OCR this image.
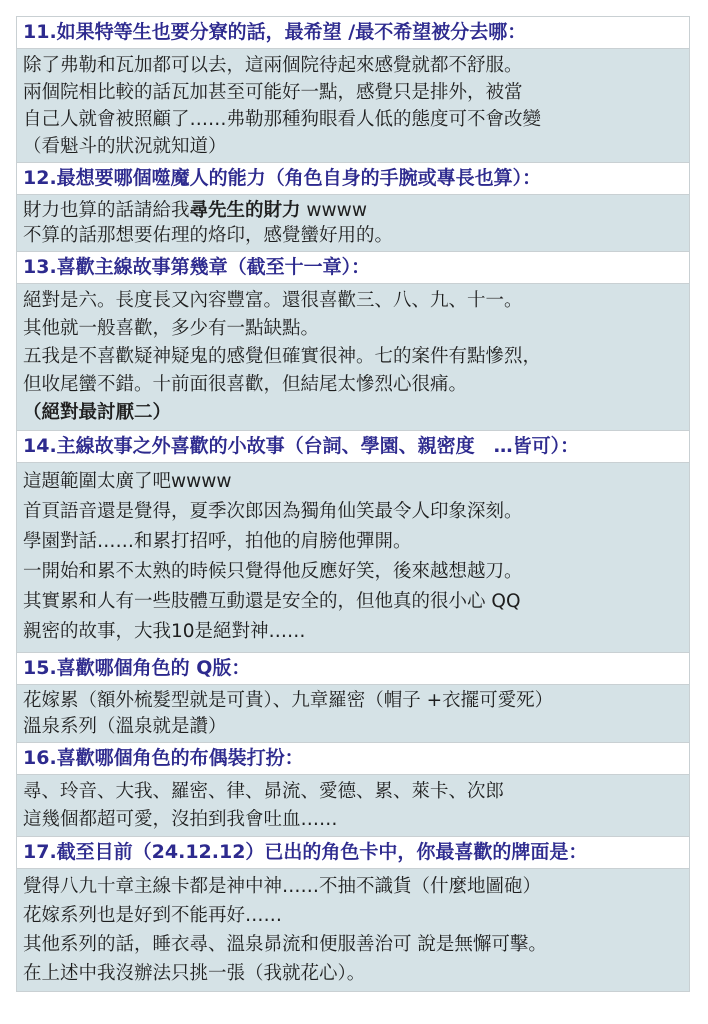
11.如果特等生也要分寮的話，最希望 /最不希望被分去哪：
除了弗勒和瓦加都可以去，這兩個院待起來感覺就都不舒服。
兩個院相比較的話瓦加甚至可能好一點，感覺只是排外，被當
自己人就會被照顧了……弗勒那種狗眼看人低的態度可不會改變
（看魁斗的狀況就知道）
12.最想要哪個噬魔人的能力（角色自身的手腕或專長也算）：
財力也算的話請給我尋先生的財力 wwww
不算的話那想要佑理的烙印，感覺蠻好用的。
13.喜歡主線故事第幾章（截至十一章）：
絕對是六。長度長又內容豐富。還很喜歡三、八、九、十一。
其他就一般喜歡，多少有一點缺點。
五我是不喜歡疑神疑鬼的感覺但確實很神。七的案件有點慘烈，
但收尾蠻不錯。十前面很喜歡，但結尾太慘烈心很痛。
（絕對最討厭二）
14.主線故事之外喜歡的小故事（台詞、學園、親密度　…皆可）：
這題範圍太廣了吧wwww
首頁語音還是覺得，夏季次郎因為獨角仙笑最令人印象深刻。
學園對話……和累打招呼，拍他的肩膀他彈開。
一開始和累不太熟的時候只覺得他反應好笑，後來越想越刀。
其實累和人有一些肢體互動還是安全的，但他真的很小心 QQ
親密的故事，大我10是絕對神……
15.喜歡哪個角色的 Q版：
花嫁累（額外梳髮型就是可貴）、九章羅密（帽子 +衣擺可愛死）
溫泉系列（溫泉就是讚）
16.喜歡哪個角色的布偶裝打扮：
尋、玲音、大我、羅密、律、昴流、愛德、累、萊卡、次郎
這幾個都超可愛，沒拍到我會吐血……
17.截至目前（24.12.12）已出的角色卡中，你最喜歡的牌面是：
覺得八九十章主線卡都是神中神……不抽不識貨（什麼地圖砲）
花嫁系列也是好到不能再好……
其他系列的話，睡衣尋、溫泉昴流和便服善治可 說是無懈可擊。
在上述中我沒辦法只挑一張（我就花心）。
